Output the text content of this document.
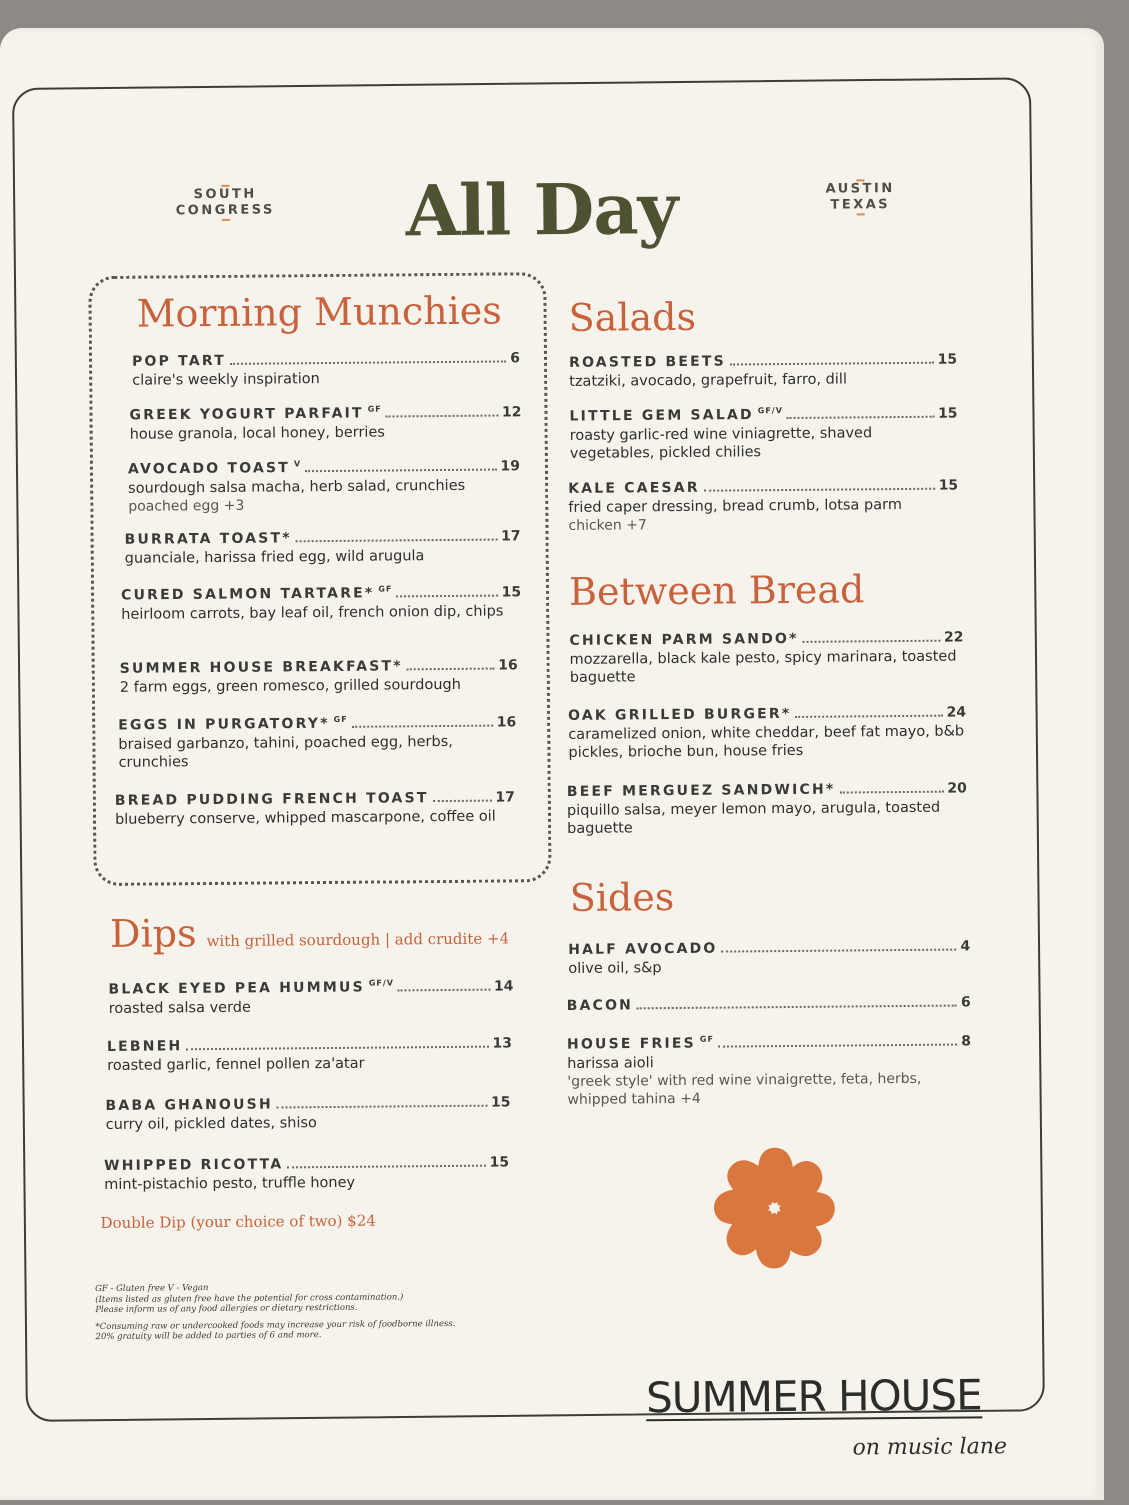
SOUTH
CONGRESS All Day	AUSTIN
TEXAS
Morning Munchies
POP TART	6
claire's weekly inspiration
GREEK YOGURT PARFAIT $^{GF}$	12
house granola, local honey, berries
AVOCADO TOAST $^V$	19
sourdough salsa macha, herb salad, crunchies
poached egg +3
BURRATA TOAST*	17
guanciale, harissa fried egg, wild arugula
CURED SALMON TARTARE* $^{GF}$	15
heirloom carrots, bay leaf oil, french onion dip, chips
SUMMER HOUSE BREAKFAST*	16
2 farm eggs, green romesco, grilled sourdough
EGGS IN PURGATORY* $^{GF}$	16
braised garbanzo, tahini, poached egg, herbs, crunchies
BREAD PUDDING FRENCH TOAST	17
blueberry conserve, whipped mascarpone, coffee oil
Dips with grilled sourdough | add crudite +4
BLACK EYED PEA HUMMUS $^{GF/V}$	14
roasted salsa verde
LEBNEH	13
roasted garlic, fennel pollen za'atar
BABA GHANOUSH	15
curry oil, pickled dates, shiso
WHIPPED RICOTTA	15
mint-pistachio pesto, truffle honey
Double Dip (your choice of two) $24
Salads
ROASTED BEETS	15
tzatziki, avocado, grapefruit, farro, dill
LITTLE GEM SALAD $^{GF/V}$	15
roasty garlic-red wine viniagrette, shaved vegetables, pickled chilies
KALE CAESAR	15
fried caper dressing, bread crumb, lotsa parm
chicken +7
Between Bread
CHICKEN PARM SANDO*	22
mozzarella, black kale pesto, spicy marinara, toasted baguette
OAK GRILLED BURGER*	24
caramelized onion, white cheddar, beef fat mayo, b&b pickles, brioche bun, house fries
BEEF MERGUEZ SANDWICH*	20
piquillo salsa, meyer lemon mayo, arugula, toasted baguette
Sides
HALF AVOCADO	4
olive oil, s&p
BACON	6
HOUSE FRIES $^{GF}$	8
harissa aioli
'greek style' with red wine vinaigrette, feta, herbs, whipped tahina +4

GF - Gluten free V - Vegan
(Items listed as gluten free have the potential for cross contamination.)
Please inform us of any food allergies or dietary restrictions.

*Consuming raw or undercooked foods may increase your risk of foodborne illness.
20% gratuity will be added to parties of 6 and more.

SUMMER HOUSE
on music lane
